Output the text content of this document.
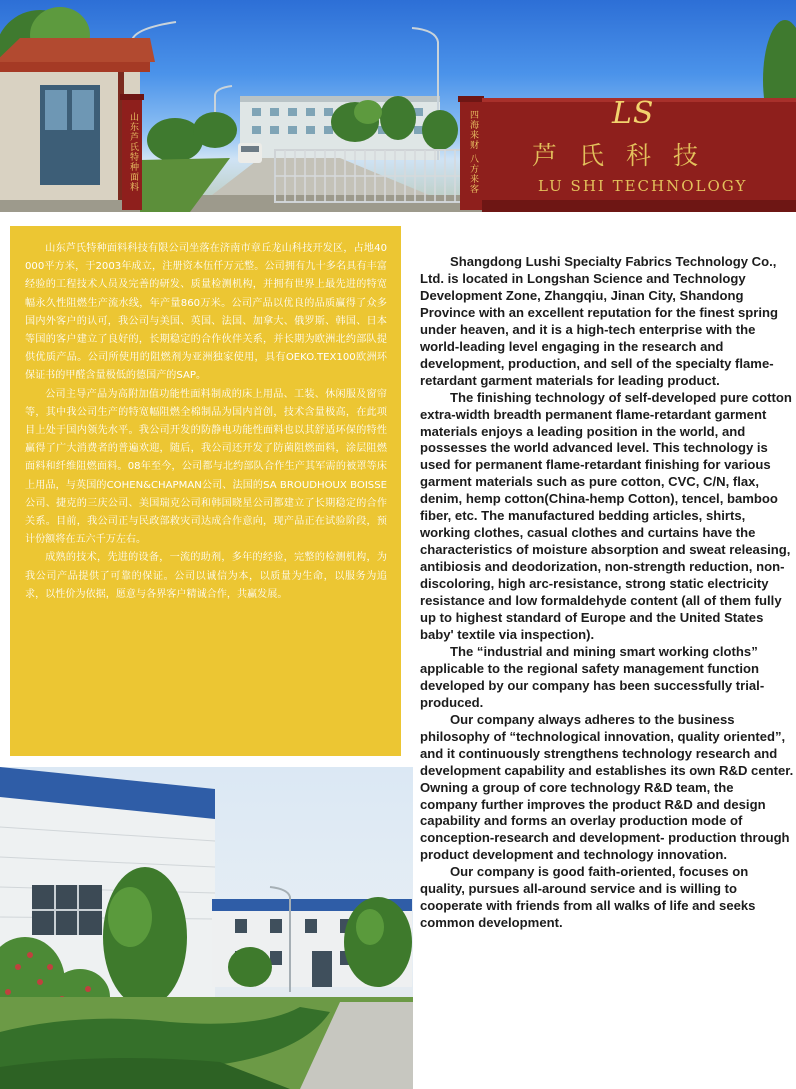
LS
芦氏科技
LU SHI TECHNOLOGY
山东芦氏特种面料	四海来财 八方来客

山东芦氏特种面料科技有限公司坐落在济南市章丘龙山科技开发区，占地40000平方米，于2003年成立，注册资本伍仟万元整。公司拥有九十多名具有丰富经验的工程技术人员及完善的研发、质量检测机构，并拥有世界上最先进的特宽幅永久性阻燃生产流水线，年产量860万米。公司产品以优良的品质赢得了众多国内外客户的认可，我公司与美国、英国、法国、加拿大、俄罗斯、韩国、日本等国的客户建立了良好的，长期稳定的合作伙伴关系，并长期为欧洲北约部队提供优质产品。公司所使用的阻燃剂为亚洲独家使用，具有OEKO.TEX100欧洲环保证书的甲醛含量极低的德国产的SAP。

公司主导产品为高附加值功能性面料制成的床上用品、工装、休闲服及窗帘等，其中我公司生产的特宽幅阻燃全棉制品为国内首创，技术含量极高，在此项目上处于国内领先水平。我公司开发的防静电功能性面料也以其舒适环保的特性赢得了广大消费者的普遍欢迎，随后，我公司还开发了防菌阻燃面料，涂层阻燃面料和纤维阻燃面料。08年至今，公司都与北约部队合作生产其军需的被罩等床上用品，与英国的COHEN&CHAPMAN公司、法国的SA BROUDHOUX BOISSE公司、捷克的三庆公司、美国瑞克公司和韩国晓星公司都建立了长期稳定的合作关系。目前，我公司正与民政部救灾司达成合作意向，现产品正在试验阶段，预计份额将在五六千万左右。

成熟的技术，先进的设备，一流的助剂，多年的经验，完整的检测机构，为我公司产品提供了可靠的保证。公司以诚信为本，以质量为生命，以服务为追求，以性价为依据，愿意与各界客户精诚合作，共赢发展。

Shangdong Lushi Specialty Fabrics Technology Co., Ltd. is located in Longshan Science and Technology Development Zone, Zhangqiu, Jinan City, Shandong Province with an excellent reputation for the finest spring under heaven, and it is a high-tech enterprise with the world-leading level engaging in the research and development, production, and sell of the specialty flame-retardant garment materials for leading product.

The finishing technology of self-developed pure cotton extra-width breadth permanent flame-retardant garment materials enjoys a leading position in the world, and possesses the world advanced level. This technology is used for permanent flame-retardant finishing for various garment materials such as pure cotton, CVC, C/N, flax, denim, hemp cotton(China-hemp Cotton), tencel, bamboo fiber, etc. The manufactured bedding articles, shirts, working clothes, casual clothes and curtains have the characteristics of moisture absorption and sweat releasing, antibiosis and deodorization, non-strength reduction, non-discoloring, high arc-resistance, strong static electricity resistance and low formaldehyde content (all of them fully up to highest standard of Europe and the United States baby' textile via inspection).

The “industrial and mining smart working cloths” applicable to the regional safety management function developed by our company has been successfully trial-produced.

Our company always adheres to the business philosophy of “technological innovation, quality oriented”, and it continuously strengthens technology research and development capability and establishes its own R&D center. Owning a group of core technology R&D team, the company further improves the product R&D and design capability and forms an overlay production mode of conception-research and development- production through product development and technology innovation.

Our company is good faith-oriented, focuses on quality, pursues all-around service and is willing to cooperate with friends from all walks of life and seeks common development.
